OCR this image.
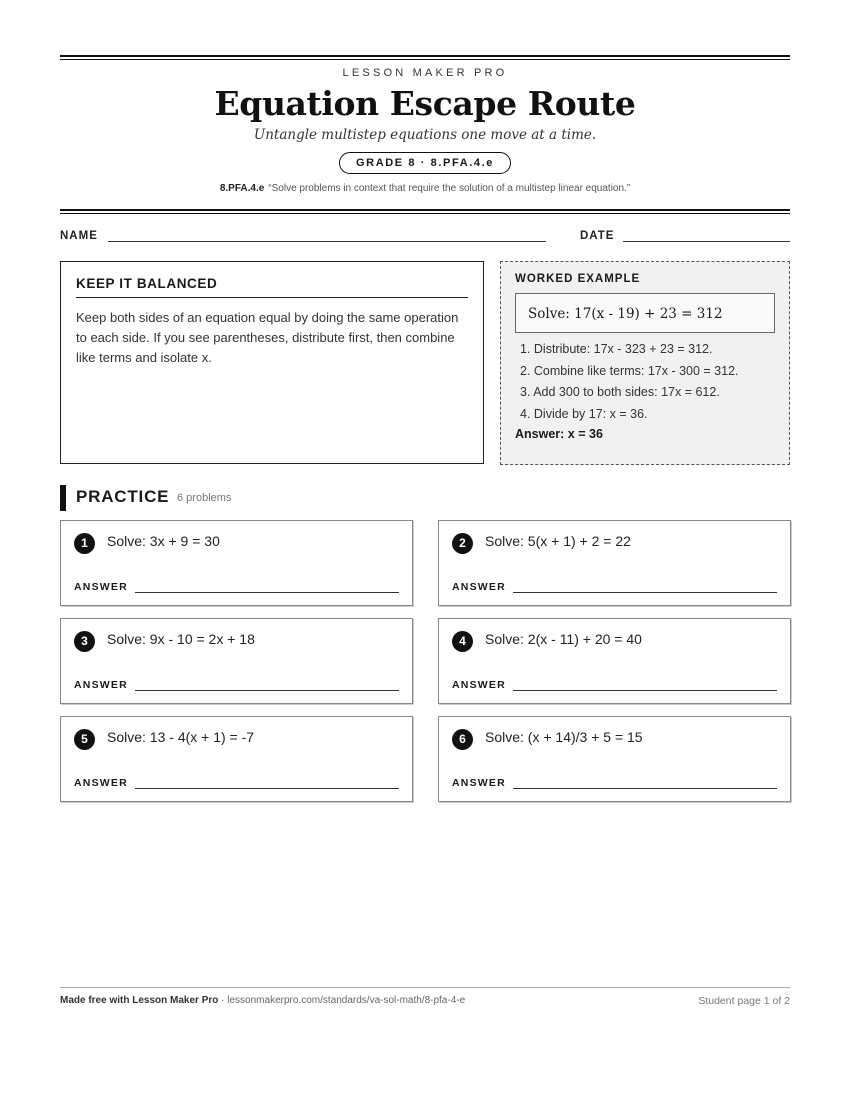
LESSON MAKER PRO
Equation Escape Route
Untangle multistep equations one move at a time.
GRADE 8 · 8.PFA.4.e
8.PFA.4.e “Solve problems in context that require the solution of a multistep linear equation.”
NAME	DATE
KEEP IT BALANCED

Keep both sides of an equation equal by doing the same operation to each side. If you see parentheses, distribute first, then combine like terms and isolate x.

WORKED EXAMPLE
Solve: 17(x - 19) + 23 = 312
1. Distribute: 17x - 323 + 23 = 312.
2. Combine like terms: 17x - 300 = 312.
3. Add 300 to both sides: 17x = 612.
4. Divide by 17: x = 36.
Answer: x = 36
PRACTICE 6 problems
1	Solve: 3x + 9 = 30
ANSWER
2	Solve: 5(x + 1) + 2 = 22
ANSWER
3	Solve: 9x - 10 = 2x + 18
ANSWER
4	Solve: 2(x - 11) + 20 = 40
ANSWER
5	Solve: 13 - 4(x + 1) = -7
ANSWER
6	Solve: (x + 14)/3 + 5 = 15
ANSWER
Made free with Lesson Maker Pro · lessonmakerpro.com/standards/va-sol-math/8-pfa-4-e	Student page 1 of 2
